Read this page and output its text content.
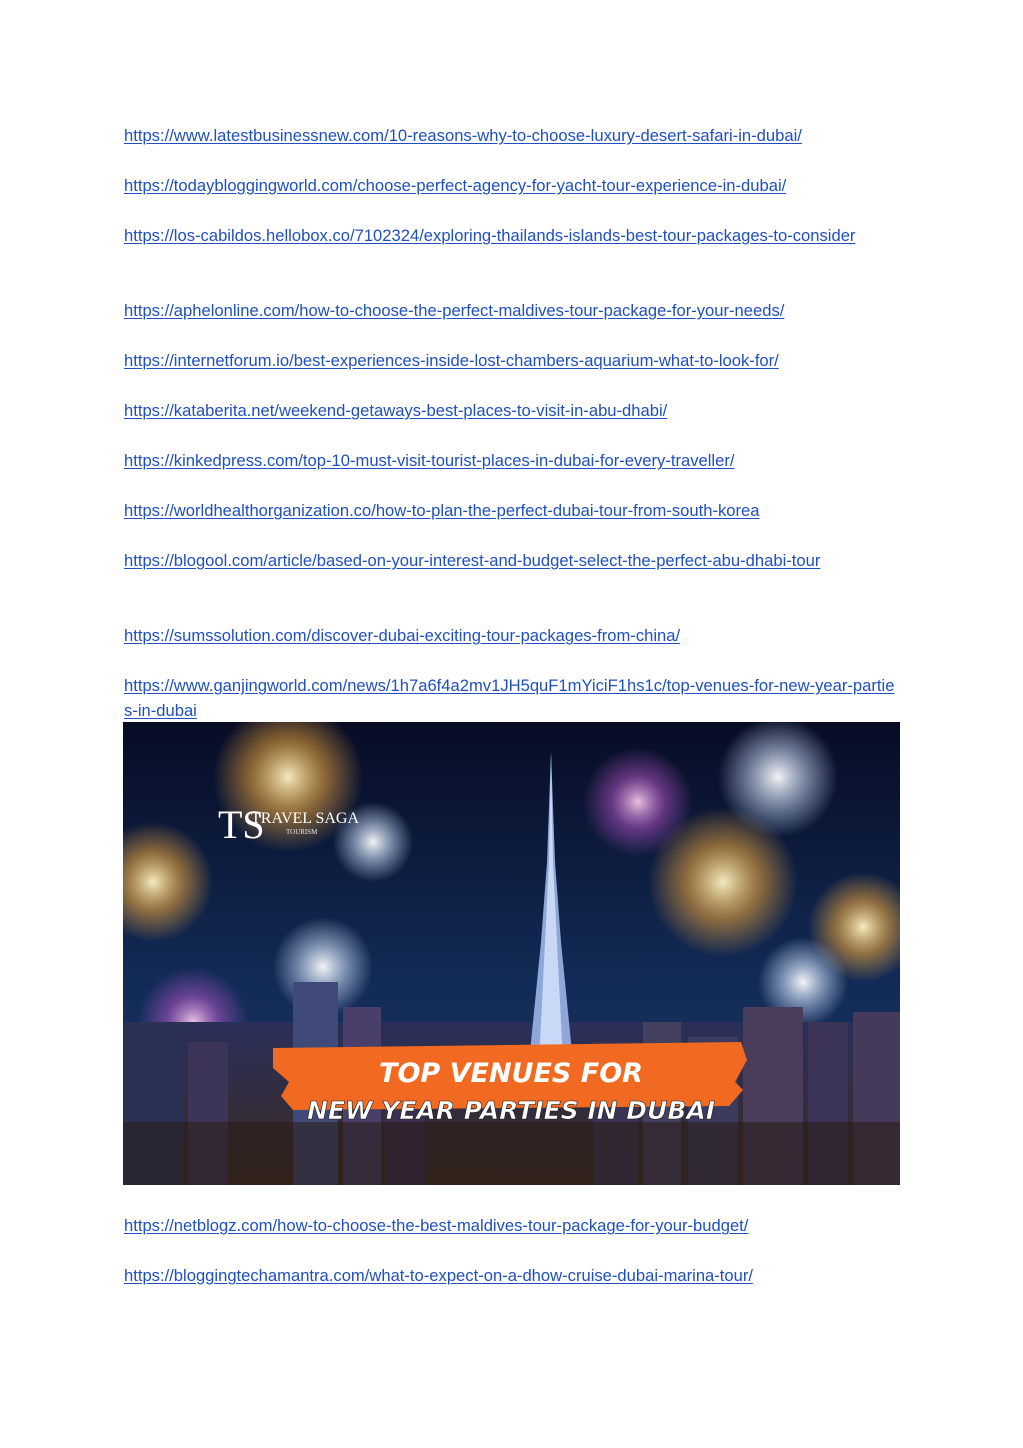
https://www.latestbusinessnew.com/10-reasons-why-to-choose-luxury-desert-safari-in-dubai/
https://todaybloggingworld.com/choose-perfect-agency-for-yacht-tour-experience-in-dubai/
https://los-cabildos.hellobox.co/7102324/exploring-thailands-islands-best-tour-packages-to-consider
https://aphelonline.com/how-to-choose-the-perfect-maldives-tour-package-for-your-needs/
https://internetforum.io/best-experiences-inside-lost-chambers-aquarium-what-to-look-for/
https://kataberita.net/weekend-getaways-best-places-to-visit-in-abu-dhabi/
https://kinkedpress.com/top-10-must-visit-tourist-places-in-dubai-for-every-traveller/
https://worldhealthorganization.co/how-to-plan-the-perfect-dubai-tour-from-south-korea
https://blogool.com/article/based-on-your-interest-and-budget-select-the-perfect-abu-dhabi-tour
https://sumssolution.com/discover-dubai-exciting-tour-packages-from-china/
https://www.ganjingworld.com/news/1h7a6f4a2mv1JH5quF1mYiciF1hs1c/top-venues-for-new-year-parties-in-dubai
TS
TRAVEL SAGA
TOURISM
TOP VENUES FOR
NEW YEAR PARTIES IN DUBAI
https://netblogz.com/how-to-choose-the-best-maldives-tour-package-for-your-budget/
https://bloggingtechamantra.com/what-to-expect-on-a-dhow-cruise-dubai-marina-tour/
